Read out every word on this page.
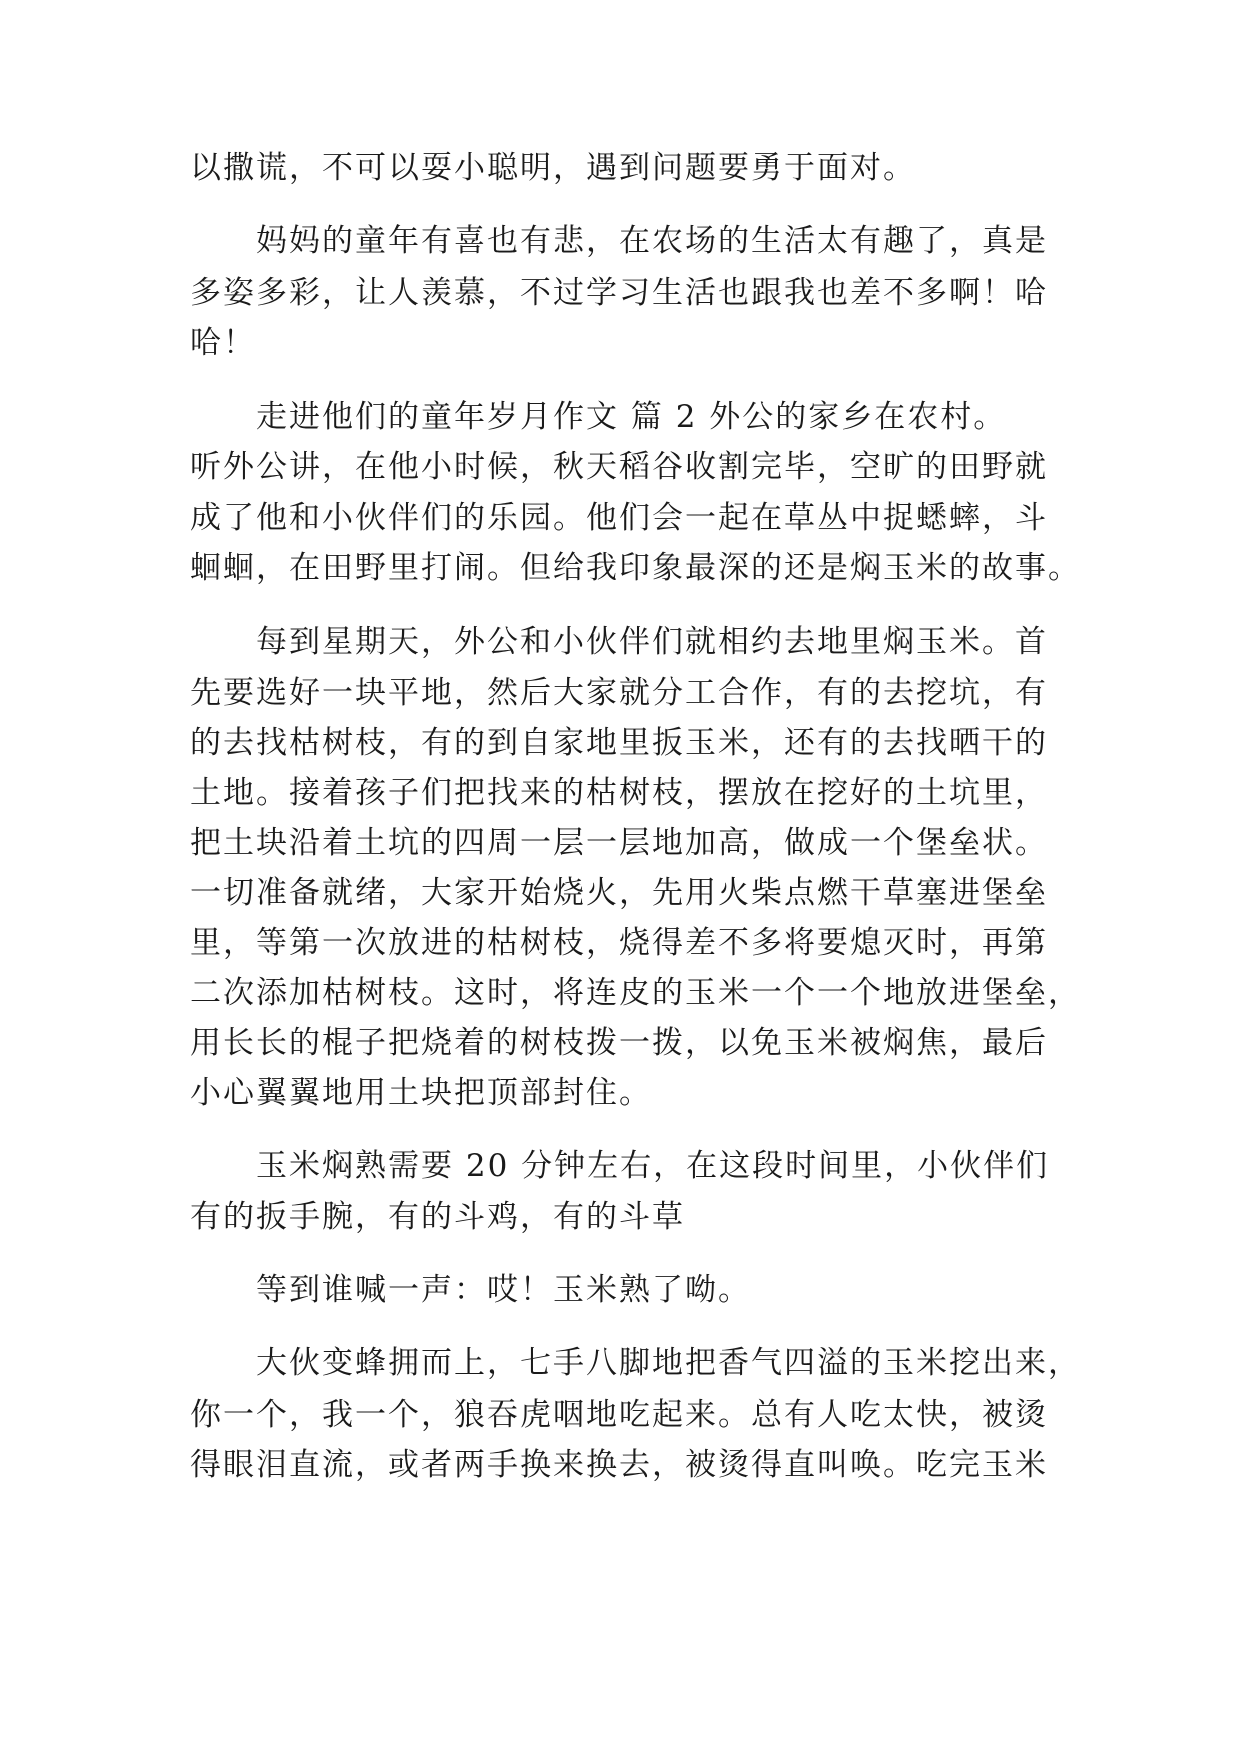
以撒谎，不可以耍小聪明，遇到问题要勇于面对。
妈妈的童年有喜也有悲，在农场的生活太有趣了，真是
多姿多彩，让人羡慕，不过学习生活也跟我也差不多啊！哈
哈！
走进他们的童年岁月作文 篇 2 外公的家乡在农村。
听外公讲，在他小时候，秋天稻谷收割完毕，空旷的田野就
成了他和小伙伴们的乐园。他们会一起在草丛中捉蟋蟀，斗
蛔蛔，在田野里打闹。但给我印象最深的还是焖玉米的故事。
每到星期天，外公和小伙伴们就相约去地里焖玉米。首
先要选好一块平地，然后大家就分工合作，有的去挖坑，有
的去找枯树枝，有的到自家地里扳玉米，还有的去找晒干的
土地。接着孩子们把找来的枯树枝，摆放在挖好的土坑里，
把土块沿着土坑的四周一层一层地加高，做成一个堡垒状。
一切准备就绪，大家开始烧火，先用火柴点燃干草塞进堡垒
里，等第一次放进的枯树枝，烧得差不多将要熄灭时，再第
二次添加枯树枝。这时，将连皮的玉米一个一个地放进堡垒，
用长长的棍子把烧着的树枝拨一拨，以免玉米被焖焦，最后
小心翼翼地用土块把顶部封住。
玉米焖熟需要 20 分钟左右，在这段时间里，小伙伴们
有的扳手腕，有的斗鸡，有的斗草
等到谁喊一声：哎！玉米熟了呦。
大伙变蜂拥而上，七手八脚地把香气四溢的玉米挖出来，
你一个，我一个，狼吞虎咽地吃起来。总有人吃太快，被烫
得眼泪直流，或者两手换来换去，被烫得直叫唤。吃完玉米
